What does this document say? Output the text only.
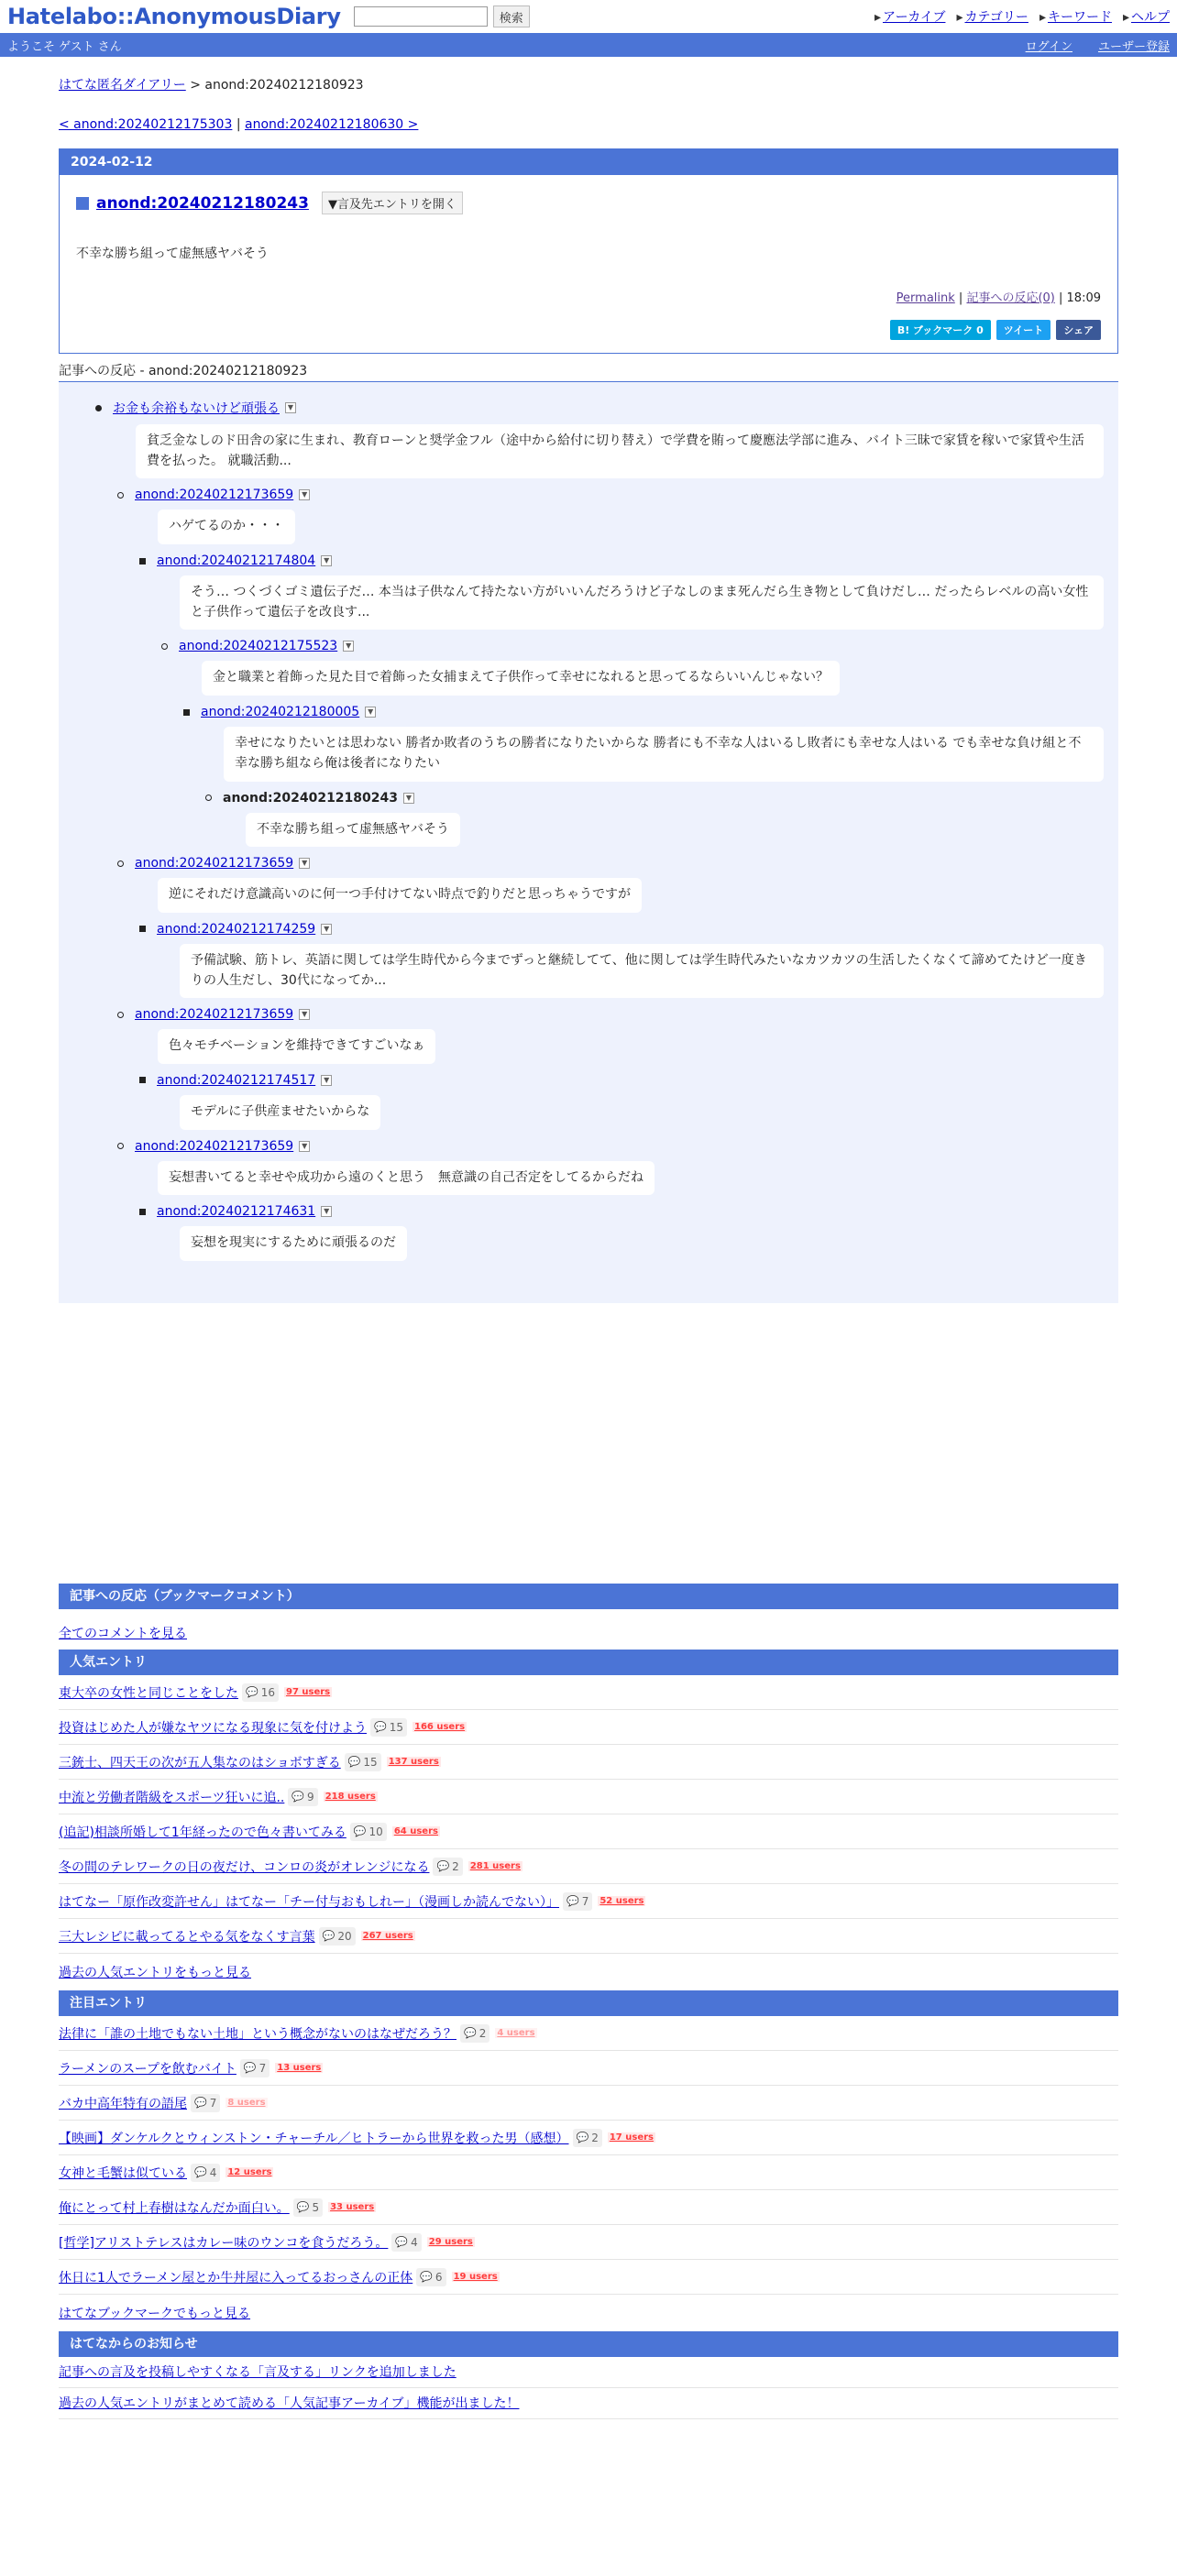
Hatelabo::AnonymousDiary	検索	▸ アーカイブ	▸ カテゴリー	▸ キーワード	▸ ヘルプ
ようこそ ゲスト さん	ログイン ユーザー登録
はてな匿名ダイアリー > anond:20240212180923
< anond:20240212175303 | anond:20240212180630 >
2024-02-12
anond:20240212180243	▼言及先エントリを開く
不幸な勝ち組って虚無感ヤバそう
Permalink | 記事への反応(0) | 18:09
B! ブックマーク 0	ツイート	シェア
記事への反応 - anond:20240212180923
お金も余裕もないけど頑張る	▼
貧乏金なしのド田舎の家に生まれ、教育ローンと奨学金フル（途中から給付に切り替え）で学費を賄って慶應法学部に進み、バイト三昧で家賃を稼いで家賃や生活費を払った。 就職活動...
anond:20240212173659	▼
ハゲてるのか・・・
anond:20240212174804	▼
そう… つくづくゴミ遺伝子だ… 本当は子供なんて持たない方がいいんだろうけど子なしのまま死んだら生き物として負けだし… だったらレベルの高い女性と子供作って遺伝子を改良す...
anond:20240212175523	▼
金と職業と着飾った見た目で着飾った女捕まえて子供作って幸せになれると思ってるならいいんじゃない？
anond:20240212180005	▼
幸せになりたいとは思わない 勝者か敗者のうちの勝者になりたいからな 勝者にも不幸な人はいるし敗者にも幸せな人はいる でも幸せな負け組と不幸な勝ち組なら俺は後者になりたい
anond:20240212180243	▼
不幸な勝ち組って虚無感ヤバそう
anond:20240212173659	▼
逆にそれだけ意識高いのに何一つ手付けてない時点で釣りだと思っちゃうですが
anond:20240212174259	▼
予備試験、筋トレ、英語に関しては学生時代から今までずっと継続してて、他に関しては学生時代みたいなカツカツの生活したくなくて諦めてたけど一度きりの人生だし、30代になってか...
anond:20240212173659	▼
色々モチベーションを維持できてすごいなぁ
anond:20240212174517	▼
モデルに子供産ませたいからな
anond:20240212173659	▼
妄想書いてると幸せや成功から遠のくと思う　無意識の自己否定をしてるからだね
anond:20240212174631	▼
妄想を現実にするために頑張るのだ
記事への反応（ブックマークコメント）
全てのコメントを見る
人気エントリ
東大卒の女性と同じことをした 💬 16 97 users
投資はじめた人が嫌なヤツになる現象に気を付けよう 💬 15 166 users
三銃士、四天王の次が五人集なのはショボすぎる 💬 15 137 users
中流と労働者階級をスポーツ狂いに追.. 💬 9 218 users
(追記)相談所婚して1年経ったので色々書いてみる 💬 10 64 users
冬の間のテレワークの日の夜だけ、コンロの炎がオレンジになる 💬 2 281 users
はてなー「原作改変許せん」はてなー「チー付与おもしれー」（漫画しか読んでない）」 💬 7 52 users
三大レシピに載ってるとやる気をなくす言葉 💬 20 267 users
過去の人気エントリをもっと見る
注目エントリ
法律に「誰の土地でもない土地」という概念がないのはなぜだろう？ 💬 2 4 users
ラーメンのスープを飲むバイト 💬 7 13 users
バカ中高年特有の語尾 💬 7 8 users
【映画】ダンケルクとウィンストン・チャーチル／ヒトラーから世界を救った男（感想） 💬 2 17 users
女神と毛蟹は似ている 💬 4 12 users
俺にとって村上春樹はなんだか面白い。 💬 5 33 users
[哲学]アリストテレスはカレー味のウンコを食うだろう。 💬 4 29 users
休日に1人でラーメン屋とか牛丼屋に入ってるおっさんの正体 💬 6 19 users
はてなブックマークでもっと見る
はてなからのお知らせ
記事への言及を投稿しやすくなる「言及する」リンクを追加しました
過去の人気エントリがまとめて読める「人気記事アーカイブ」機能が出ました！
